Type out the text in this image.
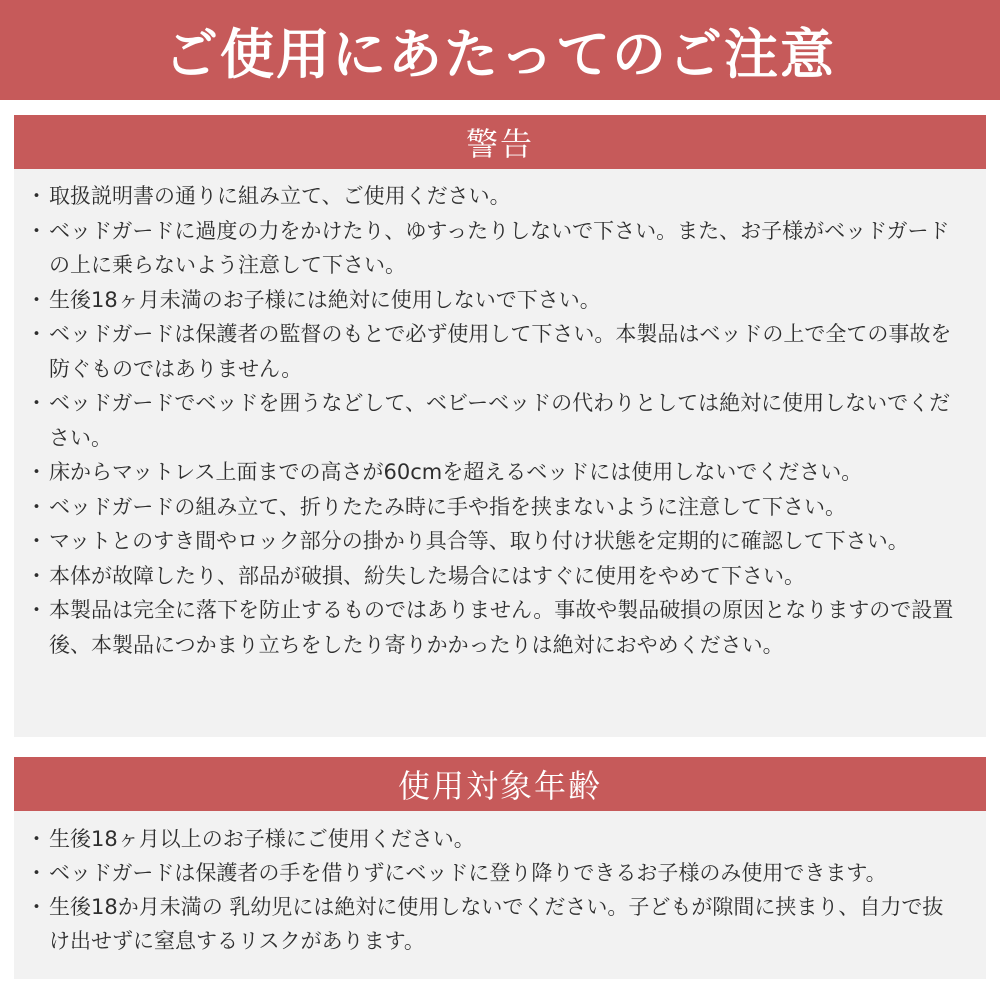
ご使用にあたってのご注意
警告
・ 取扱説明書の通りに組み立て、ご使用ください。
・ ベッドガードに過度の力をかけたり、ゆすったりしないで下さい。また、お子様がベッドガードの上に乗らないよう注意して下さい。
・ 生後18ヶ月未満のお子様には絶対に使用しないで下さい。
・ ベッドガードは保護者の監督のもとで必ず使用して下さい。本製品はベッドの上で全ての事故を防ぐものではありません。
・ ベッドガードでベッドを囲うなどして、ベビーベッドの代わりとしては絶対に使用しないでください。
・ 床からマットレス上面までの高さが60cmを超えるベッドには使用しないでください。
・ ベッドガードの組み立て、折りたたみ時に手や指を挟まないように注意して下さい。
・ マットとのすき間やロック部分の掛かり具合等、取り付け状態を定期的に確認して下さい。
・ 本体が故障したり、部品が破損、紛失した場合にはすぐに使用をやめて下さい。
・ 本製品は完全に落下を防止するものではありません。事故や製品破損の原因となりますので設置後、本製品につかまり立ちをしたり寄りかかったりは絶対におやめください。
使用対象年齢
・ 生後18ヶ月以上のお子様にご使用ください。
・ ベッドガードは保護者の手を借りずにベッドに登り降りできるお子様のみ使用できます。
・ 生後18か月未満の 乳幼児には絶対に使用しないでください。子どもが隙間に挟まり、自力で抜け出せずに窒息するリスクがあります。
